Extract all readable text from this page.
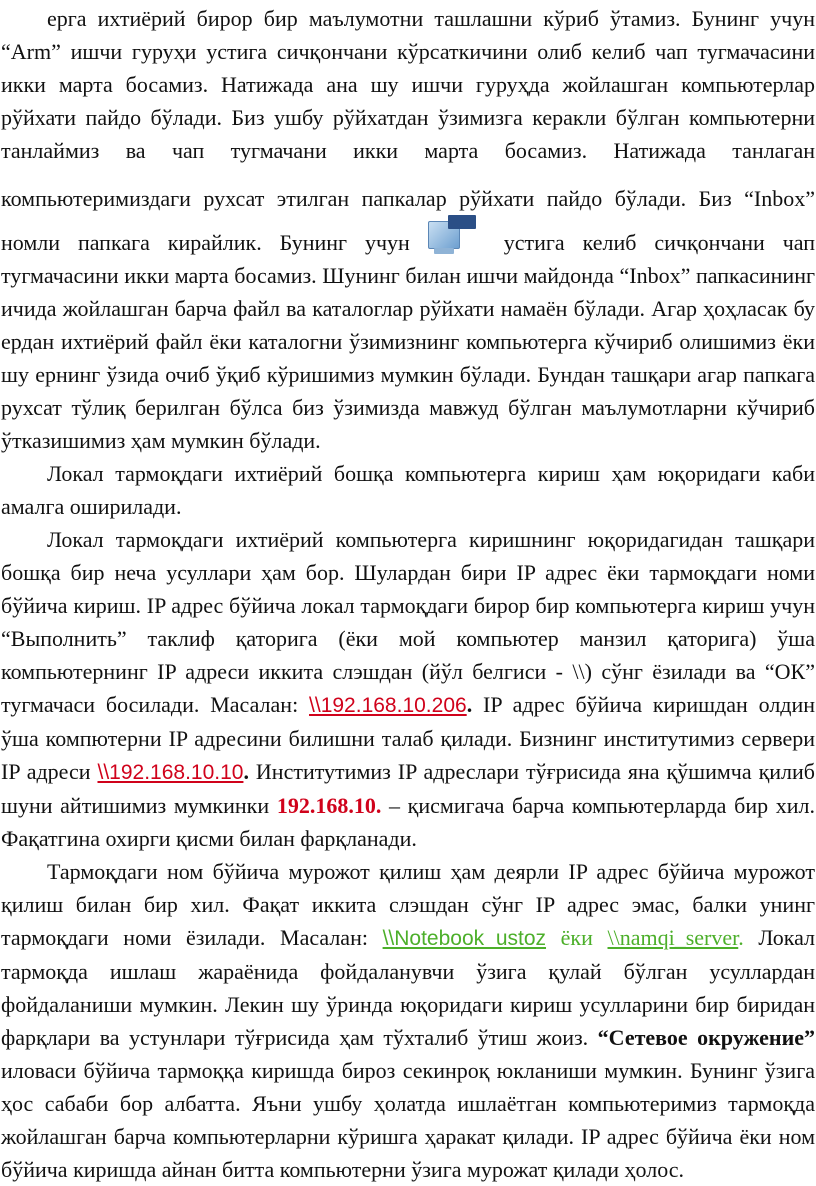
ерга ихтиёрий бирор бир маълумотни ташлашни кўриб ўтамиз. Бунинг учун “Arm” ишчи гуруҳи устига сичқончани кўрсаткичини олиб келиб чап тугмачасини икки марта босамиз. Натижада ана шу ишчи гуруҳда жойлашган компьютерлар рўйхати пайдо бўлади. Биз ушбу рўйхатдан ўзимизга керакли бўлган компьютерни танлаймиз ва чап тугмачани икки марта босамиз. Натижада танлаган компьютеримиздаги рухсат этилган папкалар рўйхати пайдо бўлади. Биз “Inbox” номли папкага кирайлик. Бунинг учун
Inbox
устига келиб сичқончани чап тугмачасини икки марта босамиз. Шунинг билан ишчи майдонда “Inbox” папкасининг ичида жойлашган барча файл ва каталоглар рўйхати намаён бўлади. Агар ҳоҳласак бу ердан ихтиёрий файл ёки каталогни ўзимизнинг компьютерга кўчириб олишимиз ёки шу ернинг ўзида очиб ўқиб кўришимиз мумкин бўлади. Бундан ташқари агар папкага рухсат тўлиқ берилган бўлса биз ўзимизда мавжуд бўлган маълумотларни кўчириб ўтказишимиз ҳам мумкин бўлади.

Локал тармоқдаги ихтиёрий бошқа компьютерга кириш ҳам юқоридаги каби амалга оширилади.

Локал тармоқдаги ихтиёрий компьютерга киришнинг юқоридагидан ташқари бошқа бир неча усуллари ҳам бор. Шулардан бири IP адрес ёки тармоқдаги номи бўйича кириш. IP адрес бўйича локал тармоқдаги бирор бир компьютерга кириш учун “Выполнить” таклиф қаторига (ёки мой компьютер манзил қаторига) ўша компьютернинг IP адреси иккита слэшдан (йўл белгиси - \\) сўнг ёзилади ва “ОК” тугмачаси босилади. Масалан: \\192.168.10.206. IP адрес бўйича киришдан олдин ўша компютерни IP адресини билишни талаб қилади. Бизнинг институтимиз сервери IP адреси \\192.168.10.10. Институтимиз IP адреслари тўғрисида яна қўшимча қилиб шуни айтишимиз мумкинки 192.168.10. – қисмигача барча компьютерларда бир хил. Фақатгина охирги қисми билан фарқланади.

Тармоқдаги ном бўйича мурожот қилиш ҳам деярли IP адрес бўйича мурожот қилиш билан бир хил. Фақат иккита слэшдан сўнг IP адрес эмас, балки унинг тармоқдаги номи ёзилади. Масалан: \\Notebook_ustoz ёки \\namqi_server. Локал тармоқда ишлаш жараёнида фойдаланувчи ўзига қулай бўлган усуллардан фойдаланиши мумкин. Лекин шу ўринда юқоридаги кириш усулларини бир биридан фарқлари ва устунлари тўғрисида ҳам тўхталиб ўтиш жоиз. “Сетевое окружение” иловаси бўйича тармоққа киришда бироз секинроқ юкланиши мумкин. Бунинг ўзига ҳос сабаби бор албатта. Яъни ушбу ҳолатда ишлаётган компьютеримиз тармоқда жойлашган барча компьютерларни кўришга ҳаракат қилади. IP адрес бўйича ёки ном бўйича киришда айнан битта компьютерни ўзига мурожат қилади ҳолос.
